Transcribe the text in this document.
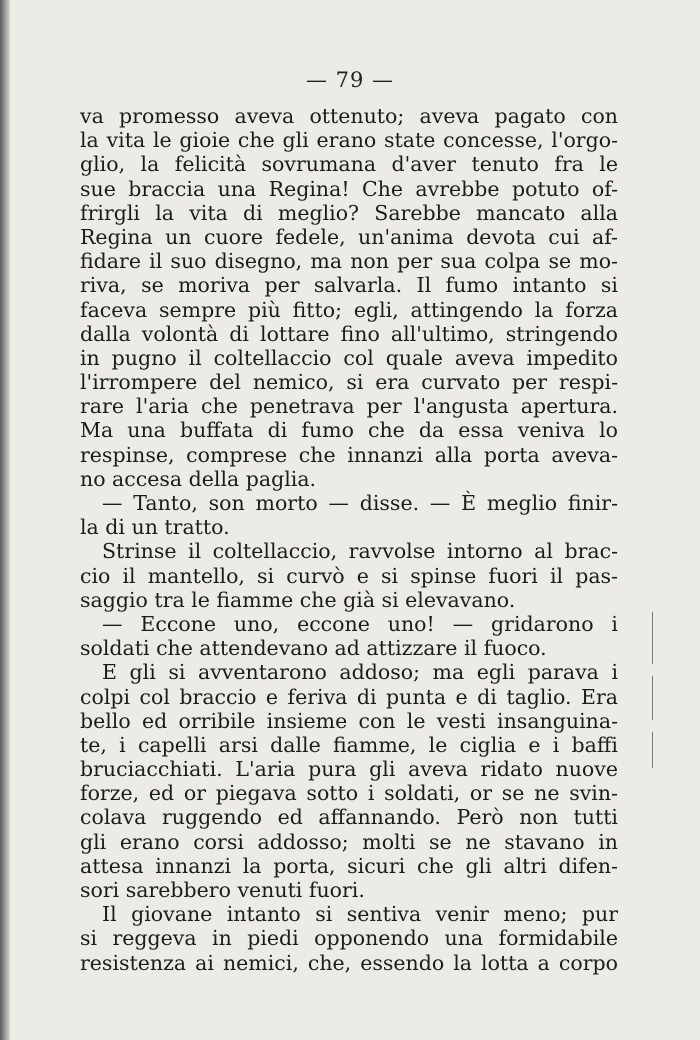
— 79 —
va promesso aveva ottenuto; aveva pagato con
la vita le gioie che gli erano state concesse, l'orgo-
glio, la felicità sovrumana d'aver tenuto fra le
sue braccia una Regina! Che avrebbe potuto of-
frirgli la vita di meglio? Sarebbe mancato alla
Regina un cuore fedele, un'anima devota cui af-
fidare il suo disegno, ma non per sua colpa se mo-
riva, se moriva per salvarla. Il fumo intanto si
faceva sempre più fitto; egli, attingendo la forza
dalla volontà di lottare fino all'ultimo, stringendo
in pugno il coltellaccio col quale aveva impedito
l'irrompere del nemico, si era curvato per respi-
rare l'aria che penetrava per l'angusta apertura.
Ma una buffata di fumo che da essa veniva lo
respinse, comprese che innanzi alla porta aveva-
no accesa della paglia.
— Tanto, son morto — disse. — È meglio finir-
la di un tratto.
Strinse il coltellaccio, ravvolse intorno al brac-
cio il mantello, si curvò e si spinse fuori il pas-
saggio tra le fiamme che già si elevavano.
— Eccone uno, eccone uno! — gridarono i
soldati che attendevano ad attizzare il fuoco.
E gli si avventarono addoso; ma egli parava i
colpi col braccio e feriva di punta e di taglio. Era
bello ed orribile insieme con le vesti insanguina-
te, i capelli arsi dalle fiamme, le ciglia e i baffi
bruciacchiati. L'aria pura gli aveva ridato nuove
forze, ed or piegava sotto i soldati, or se ne svin-
colava ruggendo ed affannando. Però non tutti
gli erano corsi addosso; molti se ne stavano in
attesa innanzi la porta, sicuri che gli altri difen-
sori sarebbero venuti fuori.
Il giovane intanto si sentiva venir meno; pur
si reggeva in piedi opponendo una formidabile
resistenza ai nemici, che, essendo la lotta a corpo
